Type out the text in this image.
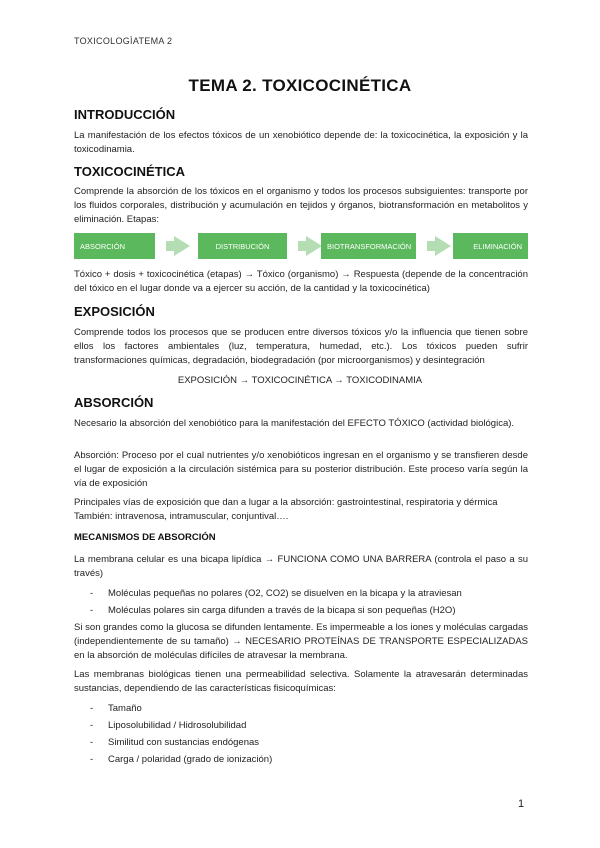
TOXICOLOGÌATEMA 2
TEMA 2. TOXICOCINÉTICA
INTRODUCCIÓN

La manifestación de los efectos tóxicos de un xenobiótico depende de: la toxicocinética, la exposición y la toxicodinamia.

TOXICOCINÉTICA

Comprende la absorción de los tóxicos en el organismo y todos los procesos subsiguientes: transporte por los fluidos corporales, distribución y acumulación en tejidos y órganos, biotransformación en metabolitos y eliminación. Etapas:

ABSORCIÓN	DISTRIBUCIÓN	BIOTRANSFORMACIÓN	ELIMINACIÓN

Tóxico + dosis + toxicocinética (etapas) → Tóxico (organismo) → Respuesta (depende de la concentración del tóxico en el lugar donde va a ejercer su acción, de la cantidad y la toxicocinética)

EXPOSICIÓN

Comprende todos los procesos que se producen entre diversos tóxicos y/o la influencia que tienen sobre ellos los factores ambientales (luz, temperatura, humedad, etc.). Los tóxicos pueden sufrir transformaciones químicas, degradación, biodegradación (por microorganismos) y desintegración

EXPOSICIÓN → TOXICOCINÉTICA → TOXICODINAMIA
ABSORCIÓN

Necesario la absorción del xenobiótico para la manifestación del EFECTO TÓXICO (actividad biológica).

Absorción: Proceso por el cual nutrientes y/o xenobióticos ingresan en el organismo y se transfieren desde el lugar de exposición a la circulación sistémica para su posterior distribución. Este proceso varía según la vía de exposición

Principales vías de exposición que dan a lugar a la absorción: gastrointestinal, respiratoria y dérmica

También: intravenosa, intramuscular, conjuntival….

MECANISMOS DE ABSORCIÓN

La membrana celular es una bicapa lipídica → FUNCIONA COMO UNA BARRERA (controla el paso a su través)

- Moléculas pequeñas no polares (O2, CO2) se disuelven en la bicapa y la atraviesan
- Moléculas polares sin carga difunden a través de la bicapa si son pequeñas (H2O)

Si son grandes como la glucosa se difunden lentamente. Es impermeable a los iones y moléculas cargadas (independientemente de su tamaño) → NECESARIO PROTEÍNAS DE TRANSPORTE ESPECIALIZADAS en la absorción de moléculas difíciles de atravesar la membrana.

Las membranas biológicas tienen una permeabilidad selectiva. Solamente la atravesarán determinadas sustancias, dependiendo de las características fisicoquímicas:

- Tamaño
- Liposolubilidad / Hidrosolubilidad
- Similitud con sustancias endógenas
- Carga / polaridad (grado de ionización)
1
